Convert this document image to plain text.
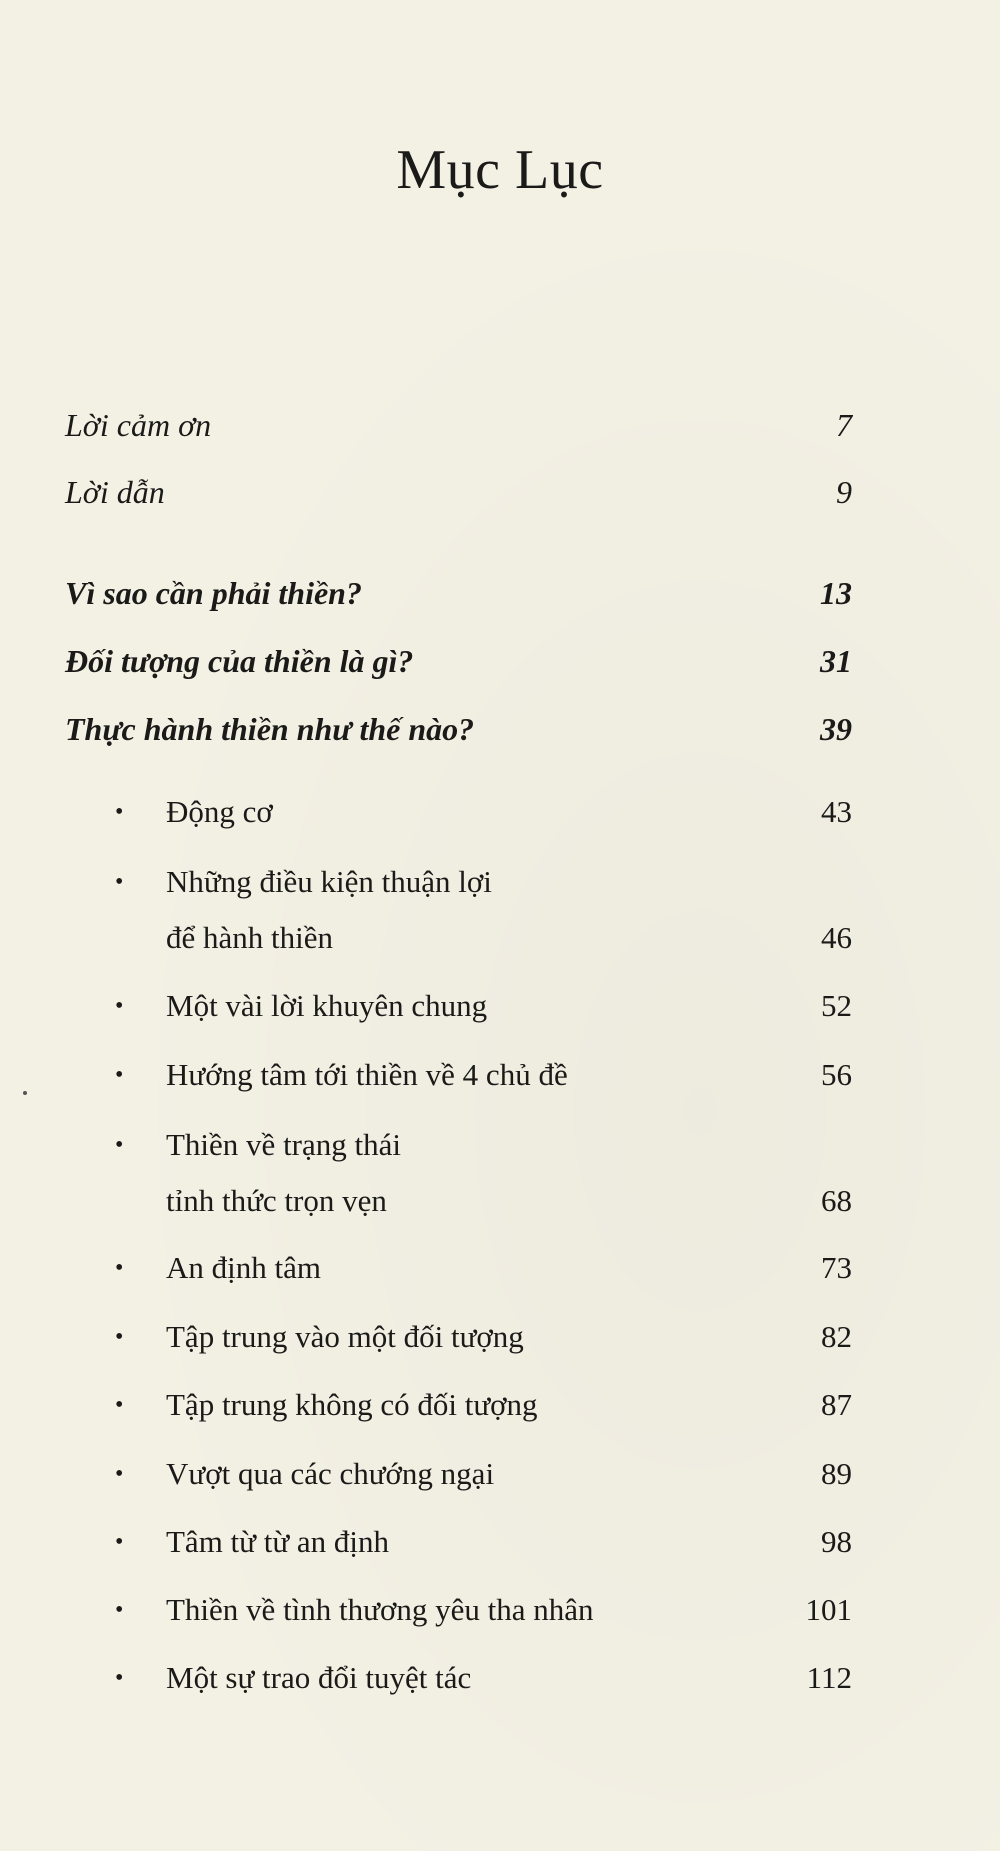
Mục Lục
Lời cảm ơn	7
Lời dẫn	9
Vì sao cần phải thiền?	13
Đối tượng của thiền là gì?	31
Thực hành thiền như thế nào?	39
• Động cơ	43
• Những điều kiện thuận lợi
để hành thiền	46
• Một vài lời khuyên chung	52
• Hướng tâm tới thiền về 4 chủ đề	56
• Thiền về trạng thái
tỉnh thức trọn vẹn	68
• An định tâm	73
• Tập trung vào một đối tượng	82
• Tập trung không có đối tượng	87
• Vượt qua các chướng ngại	89
• Tâm từ từ an định	98
• Thiền về tình thương yêu tha nhân	101
• Một sự trao đổi tuyệt tác	112
